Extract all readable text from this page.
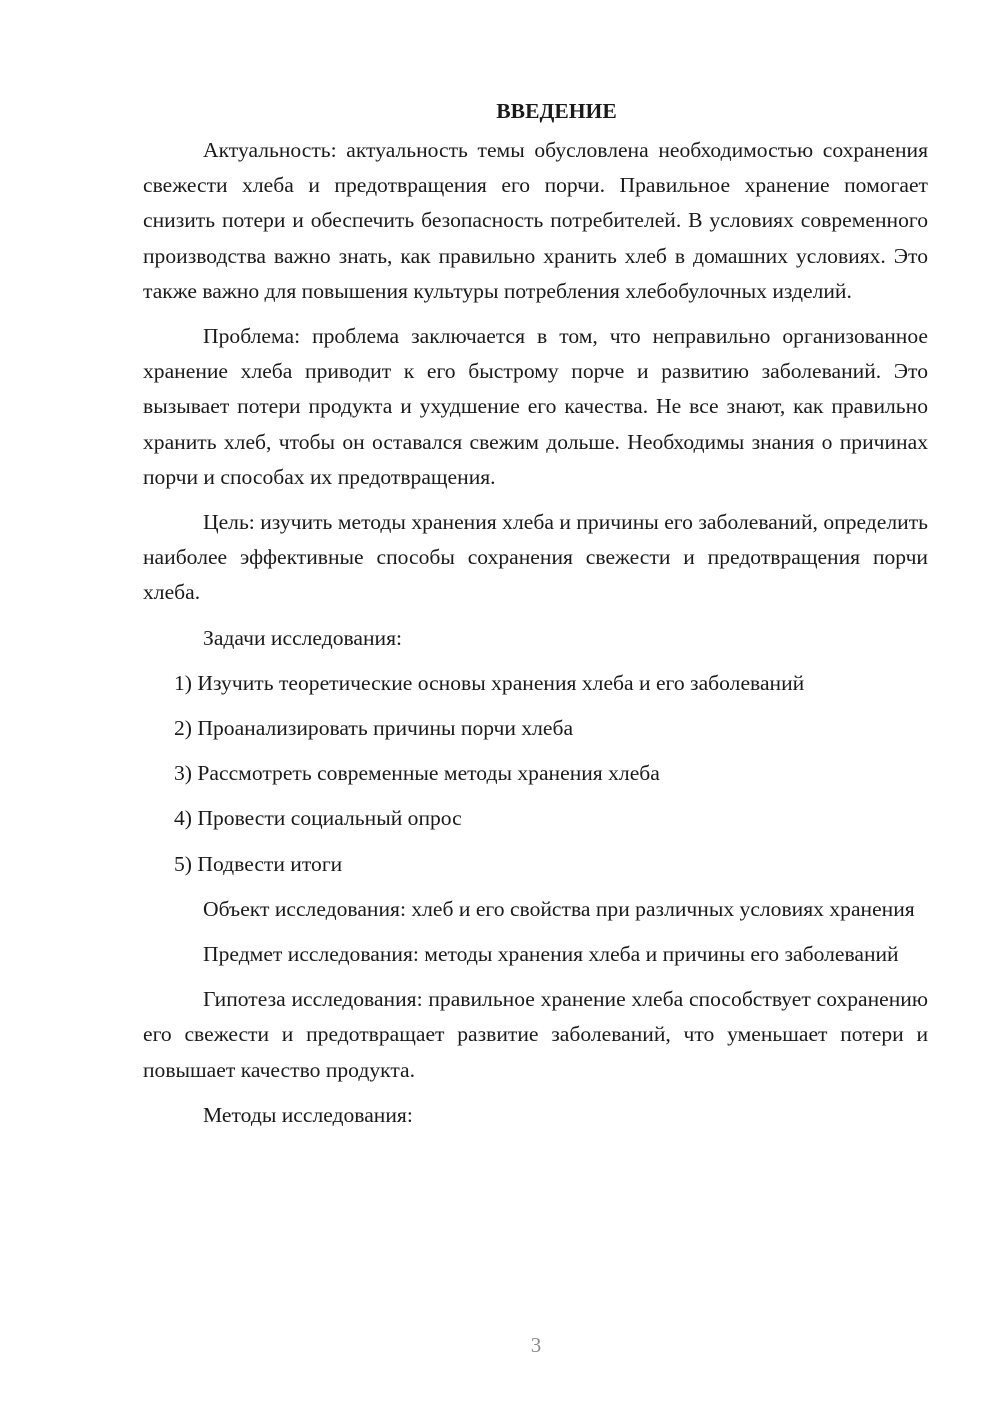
ВВЕДЕНИЕ

Актуальность: актуальность темы обусловлена необходимостью сохранения свежести хлеба и предотвращения его порчи. Правильное хранение помогает снизить потери и обеспечить безопасность потребителей. В условиях современного производства важно знать, как правильно хранить хлеб в домашних условиях. Это также важно для повышения культуры потребления хлебобулочных изделий.

Проблема: проблема заключается в том, что неправильно организованное хранение хлеба приводит к его быстрому порче и развитию заболеваний. Это вызывает потери продукта и ухудшение его качества. Не все знают, как правильно хранить хлеб, чтобы он оставался свежим дольше. Необходимы знания о причинах порчи и способах их предотвращения.

Цель: изучить методы хранения хлеба и причины его заболеваний, определить наиболее эффективные способы сохранения свежести и предотвращения порчи хлеба.

Задачи исследования:

1) Изучить теоретические основы хранения хлеба и его заболеваний
2) Проанализировать причины порчи хлеба
3) Рассмотреть современные методы хранения хлеба
4) Провести социальный опрос
5) Подвести итоги

Объект исследования: хлеб и его свойства при различных условиях хранения

Предмет исследования: методы хранения хлеба и причины его заболеваний

Гипотеза исследования: правильное хранение хлеба способствует сохранению его свежести и предотвращает развитие заболеваний, что уменьшает потери и повышает качество продукта.

Методы исследования:

3
